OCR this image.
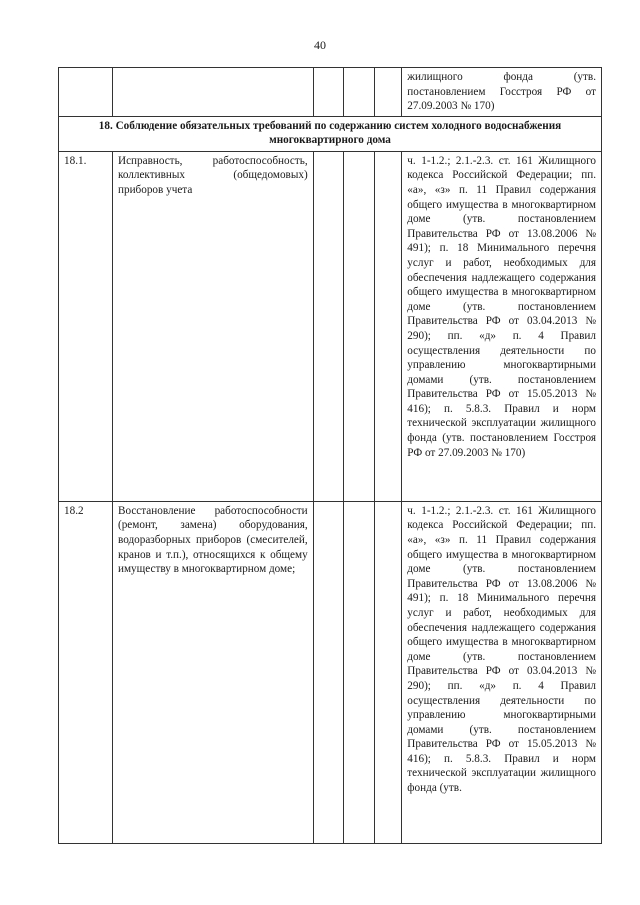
40
					жилищного фонда (утв. постановлением Госстроя РФ от 27.09.2003 № 170)
18. Соблюдение обязательных требований по содержанию систем холодного водоснабжения многоквартирного дома					
18.1.	Исправность, работоспособность, коллективных (общедомовых) приборов учета				ч. 1-1.2.; 2.1.-2.3. ст. 161 Жилищного кодекса Российской Федерации; пп. «а», «з» п. 11 Правил содержания общего имущества в многоквартирном доме (утв. постановлением Правительства РФ от 13.08.2006 № 491); п. 18 Минимального перечня услуг и работ, необходимых для обеспечения надлежащего содержания общего имущества в многоквартирном доме (утв. постановлением Правительства РФ от 03.04.2013 № 290); пп. «д» п. 4 Правил осуществления деятельности по управлению многоквартирными домами (утв. постановлением Правительства РФ от 15.05.2013 № 416); п. 5.8.3. Правил и норм технической эксплуатации жилищного фонда (утв. постановлением Госстроя РФ от 27.09.2003 № 170)
18.2	Восстановление работоспособности (ремонт, замена) оборудования, водоразборных приборов (смесителей, кранов и т.п.), относящихся к общему имуществу в многоквартирном доме;				ч. 1-1.2.; 2.1.-2.3. ст. 161 Жилищного кодекса Российской Федерации; пп. «а», «з» п. 11 Правил содержания общего имущества в многоквартирном доме (утв. постановлением Правительства РФ от 13.08.2006 № 491); п. 18 Минимального перечня услуг и работ, необходимых для обеспечения надлежащего содержания общего имущества в многоквартирном доме (утв. постановлением Правительства РФ от 03.04.2013 № 290); пп. «д» п. 4 Правил осуществления деятельности по управлению многоквартирными домами (утв. постановлением Правительства РФ от 15.05.2013 № 416); п. 5.8.3. Правил и норм технической эксплуатации жилищного фонда (утв.
